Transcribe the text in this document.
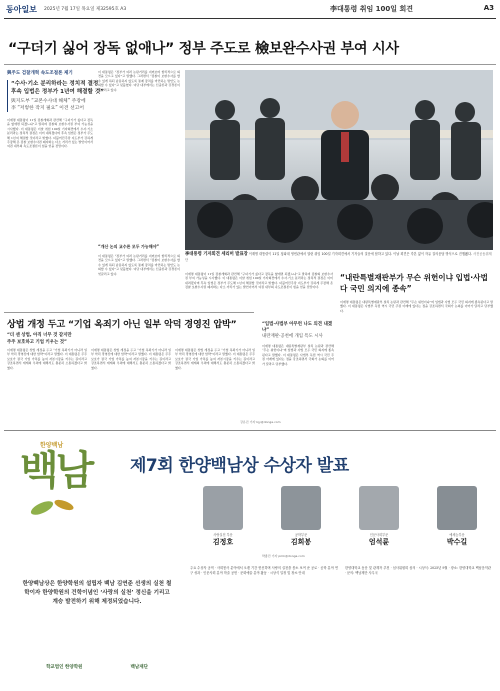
동아일보 2025년 7월 17일 목요일 제32595호 A3	李대통령 취임 100일 회견	A3
“구더기 싫어 장독 없애나” 정부 주도로 檢보완수사권 부여 시사
與주도 검찰개혁 속도조절론 제기
“수사·기소 분리하라는 정치적 결정
후속 입법은 정부가 1년여 해결할 것”
與지도부 “교본수사대 해체” 주장에
李 “저렇한 작지 필요” 이견 선고어
이재명 대통령이 11일 검찰개혁과 관련해 “구더기가 싫다고 장독을 없애면 되겠느냐”고 말하며 검찰의 보완수사권 부여 가능성을 시사했다. 이 대통령은 이날 취임 100일 기자회견에서 수사·기소 분리라는 정치적 결정은 이미 내려졌다며 후속 입법은 정부가 주도해 1년여 해결할 것이라고 밝혔다. 더불어민주당 지도부가 강하게 주장해 온 검찰 보완수사권 폐지와는 다소 거리가 있는 발언이어서 여권 내부의 속도조절론이 힘을 얻을 전망이다.
이 대통령은 “정부가 여러 논란거리를 지켜보며 합리적으로 의견을 모으고 있다”고 말했다. 그러면서 “검찰이 보완수사를 할 수 있게 하되 남용하지 않도록 통제 장치를 마련하는 방안도 논의할 수 있다”고 덧붙였다. 여당 내부에서는 신중론과 강경론이 엇갈리고 있다.
“개산 논의 교수론 모두 가능해야”
이 대통령은 “정부가 여러 논란거리를 지켜보며 합리적으로 의견을 모으고 있다”고 말했다. 그러면서 “검찰이 보완수사를 할 수 있게 하되 남용하지 않도록 통제 장치를 마련하는 방안도 논의할 수 있다”고 덧붙였다. 여당 내부에서는 신중론과 강경론이 엇갈리고 있다.
李대통령 기자회견 세리머 발표장 이재명 대통령이 11일 청와대 영빈관에서 열린 취임 100일 기자회견에서 기자들의 질문에 답하고 있다. 이날 회견은 각본 없이 자유 질의응답 방식으로 진행됐다. 사진공동취재단
이재명 대통령이 11일 검찰개혁과 관련해 “구더기가 싫다고 장독을 없애면 되겠느냐”고 말하며 검찰의 보완수사권 부여 가능성을 시사했다. 이 대통령은 이날 취임 100일 기자회견에서 수사·기소 분리라는 정치적 결정은 이미 내려졌다며 후속 입법은 정부가 주도해 1년여 해결할 것이라고 밝혔다. 더불어민주당 지도부가 강하게 주장해 온 검찰 보완수사권 폐지와는 다소 거리가 있는 발언이어서 여권 내부의 속도조절론이 힘을 얻을 전망이다.
“내란특별재판부가 무슨 위헌이냐 입법·사법 다 국민 의지에 종속”
이재명 대통령은 내란특별재판부 설치 논란과 관련해 “무슨 위헌이냐”며 입법과 사법 모두 국민 의지에 종속된다고 말했다. 이 대통령은 사법부 독립 역시 국민 주권 아래에 있다는 점을 강조하면서 국회가 논의를 이어가 달라고 당부했다.
“입법·사법부 아무런 나도 의견 내겠냐”
내란재판·공천에 개입 특도 시사
이재명 대통령은 내란특별재판부 설치 논란과 관련해 “무슨 위헌이냐”며 입법과 사법 모두 국민 의지에 종속된다고 말했다. 이 대통령은 사법부 독립 역시 국민 주권 아래에 있다는 점을 강조하면서 국회가 논의를 이어가 달라고 당부했다.
박종민 기자 pmk@donga.com
상법 개정 두고 “기업 옥죄기 아닌 일부 악덕 경영진 압박”
“더 센 상법, 아직 너무 것 같지만
주주 보호하고 기업 키우는 것”
이재명 대통령은 상법 개정을 두고 “기업 옥죄기가 아니라 일부 악덕 경영진에 대한 압박”이라고 말했다. 이 대통령은 주주 보호가 결국 기업 가치를 높여 자본시장을 키우는 길이라고 강조하면서 재계의 우려에 대해서도 충분히 소통하겠다고 밝혔다.
이재명 대통령은 상법 개정을 두고 “기업 옥죄기가 아니라 일부 악덕 경영진에 대한 압박”이라고 말했다. 이 대통령은 주주 보호가 결국 기업 가치를 높여 자본시장을 키우는 길이라고 강조하면서 재계의 우려에 대해서도 충분히 소통하겠다고 밝혔다.
이재명 대통령은 상법 개정을 두고 “기업 옥죄기가 아니라 일부 악덕 경영진에 대한 압박”이라고 말했다. 이 대통령은 주주 보호가 결국 기업 가치를 높여 자본시장을 키우는 길이라고 강조하면서 재계의 우려에 대해서도 충분히 소통하겠다고 밝혔다.
강유진 기자 kjy@donga.com
한양백남
백남	제7회 한양백남상 수상자 발표
사랑실천 부문
김정호
공학부문
김희봉
인문사회부문
엄석륜
예체능부문
박수길
한양백남상은 한양학원의 설립자 백남 김연준 선생의 실천 철학이자 한양학원의 건학이념인 ‘사랑의 실천’ 정신을 기리고 계승 발전하기 위해 제정되었습니다.
학교법인 한양학원	백남재단
주요 수상자 공적 · 사회봉사 분야에서 오랜 기간 헌신하며 사랑의 실천을 몸소 보여 준 공로 · 공학 분야 연구 성과 · 인문사회 분야 학술 공헌 · 문화예술 분야 활동 · 시상식 일정 및 장소 안내
한양대학교 동문 및 관계자 추천 · 심사위원회 심의 · 시상식: 2025년 9월 · 장소: 한양대학교 백남음악관 · 문의: 백남재단 사무국
